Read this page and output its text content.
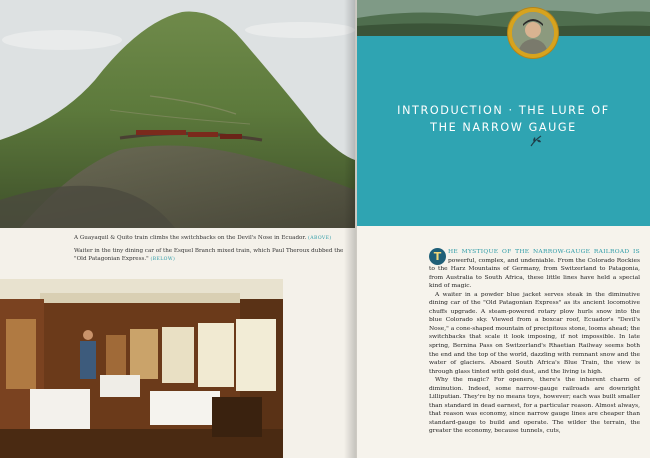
A Guayaquil & Quito train climbs the switchbacks on the Devil's Nose in Ecuador. (ABOVE)

Waiter in the tiny dining car of the Esquel Branch mixed train, which Paul Theroux dubbed the "Old Patagonian Express." (BELOW)

INTRODUCTION · THE LURE OF
THE NARROW GAUGE

T	HE MYSTIQUE OF THE NARROW-GAUGE RAILROAD IS powerful, complex, and undeniable. From the Colorado Rockies to the Harz Mountains of Germany, from Switzerland to Patagonia, from Australia to South Africa, these little lines have held a special kind of magic.

A waiter in a powder blue jacket serves steak in the diminutive dining car of the "Old Patagonian Express" as its ancient locomotive chuffs upgrade. A steam-powered rotary plow hurls snow into the blue Colorado sky. Viewed from a boxcar roof, Ecuador's "Devil's Nose," a cone-shaped mountain of precipitous stone, looms ahead; the switchbacks that scale it look imposing, if not impossible. In late spring, Bernina Pass on Switzerland's Rhaetian Railway seems both the end and the top of the world, dazzling with remnant snow and the water of glaciers. Aboard South Africa's Blue Train, the view is through glass tinted with gold dust, and the living is high.

Why the magic? For openers, there's the inherent charm of diminution. Indeed, some narrow-gauge railroads are downright Lilliputian. They're by no means toys, however; each was built smaller than standard in dead earnest, for a particular reason. Almost always, that reason was economy, since narrow gauge lines are cheaper than standard-gauge to build and operate. The wilder the terrain, the greater the economy, because tunnels, cuts,
